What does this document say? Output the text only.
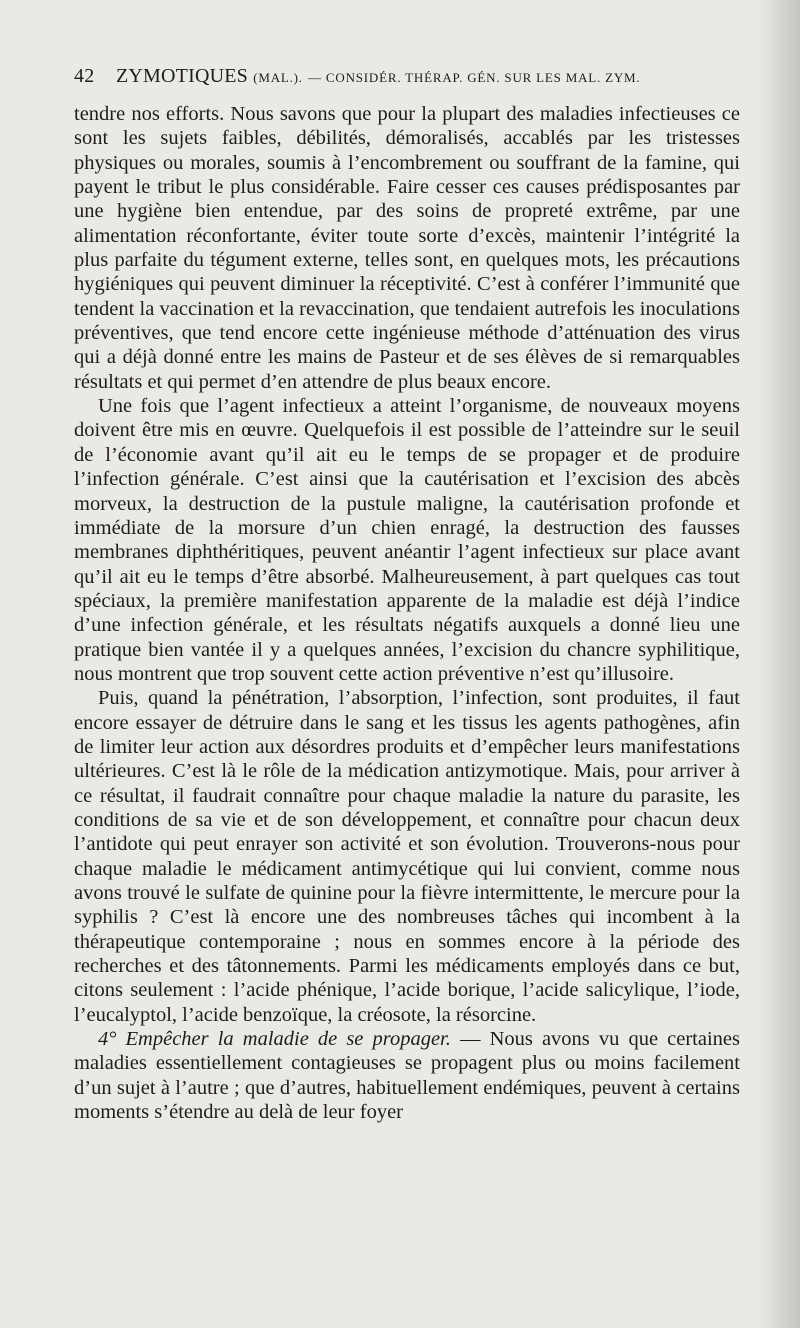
42	ZYMOTIQUES (MAL.). — CONSIDÉR. THÉRAP. GÉN. SUR LES MAL. ZYM.

tendre nos efforts. Nous savons que pour la plupart des maladies infectieuses ce sont les sujets faibles, débilités, démoralisés, accablés par les tristesses physiques ou morales, soumis à l’encombrement ou souffrant de la famine, qui payent le tribut le plus considérable. Faire cesser ces causes prédisposantes par une hygiène bien entendue, par des soins de propreté extrême, par une alimentation réconfortante, éviter toute sorte d’excès, maintenir l’intégrité la plus parfaite du tégument externe, telles sont, en quelques mots, les précautions hygiéniques qui peuvent diminuer la réceptivité. C’est à conférer l’immunité que tendent la vaccination et la revaccination, que tendaient autrefois les inoculations préventives, que tend encore cette ingénieuse méthode d’atténuation des virus qui a déjà donné entre les mains de Pasteur et de ses élèves de si remarquables résultats et qui permet d’en attendre de plus beaux encore.

Une fois que l’agent infectieux a atteint l’organisme, de nouveaux moyens doivent être mis en œuvre. Quelquefois il est possible de l’atteindre sur le seuil de l’économie avant qu’il ait eu le temps de se propager et de produire l’infection générale. C’est ainsi que la cautérisation et l’excision des abcès morveux, la destruction de la pustule maligne, la cautérisation profonde et immédiate de la morsure d’un chien enragé, la destruction des fausses membranes diphthéritiques, peuvent anéantir l’agent infectieux sur place avant qu’il ait eu le temps d’être absorbé. Malheureusement, à part quelques cas tout spéciaux, la première manifestation apparente de la maladie est déjà l’indice d’une infection générale, et les résultats négatifs auxquels a donné lieu une pratique bien vantée il y a quelques années, l’excision du chancre syphilitique, nous montrent que trop souvent cette action préventive n’est qu’illusoire.

Puis, quand la pénétration, l’absorption, l’infection, sont produites, il faut encore essayer de détruire dans le sang et les tissus les agents pathogènes, afin de limiter leur action aux désordres produits et d’empêcher leurs manifestations ultérieures. C’est là le rôle de la médication antizymotique. Mais, pour arriver à ce résultat, il faudrait connaître pour chaque maladie la nature du parasite, les conditions de sa vie et de son développement, et connaître pour chacun deux l’antidote qui peut enrayer son activité et son évolution. Trouverons-nous pour chaque maladie le médicament antimycétique qui lui convient, comme nous avons trouvé le sulfate de quinine pour la fièvre intermittente, le mercure pour la syphilis ? C’est là encore une des nombreuses tâches qui incombent à la thérapeutique contemporaine ; nous en sommes encore à la période des recherches et des tâtonnements. Parmi les médicaments employés dans ce but, citons seulement : l’acide phénique, l’acide borique, l’acide salicylique, l’iode, l’eucalyptol, l’acide benzoïque, la créosote, la résorcine.

4° Empêcher la maladie de se propager. — Nous avons vu que certaines maladies essentiellement contagieuses se propagent plus ou moins facilement d’un sujet à l’autre ; que d’autres, habituellement endémiques, peuvent à certains moments s’étendre au delà de leur foyer
